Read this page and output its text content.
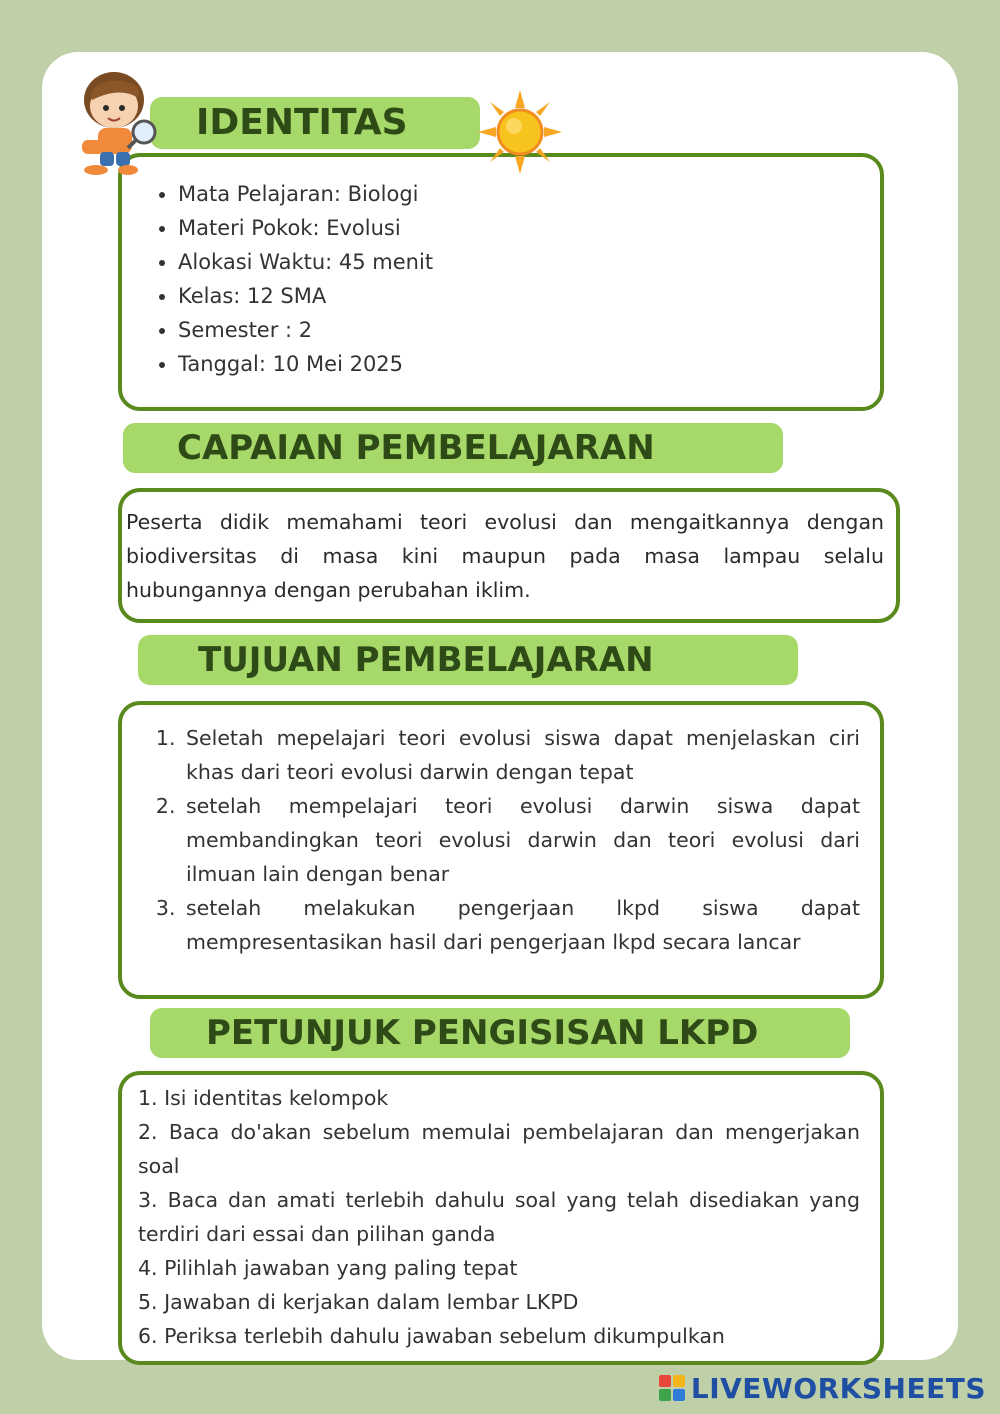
IDENTITAS
• Mata Pelajaran: Biologi
• Materi Pokok: Evolusi
• Alokasi Waktu: 45 menit
• Kelas: 12 SMA
• Semester : 2
• Tanggal: 10 Mei 2025
CAPAIAN PEMBELAJARAN

Peserta didik memahami teori evolusi dan mengaitkannya dengan biodiversitas di masa kini maupun pada masa lampau selalu hubungannya dengan perubahan iklim.

TUJUAN PEMBELAJARAN
1. Seletah mepelajari teori evolusi siswa dapat menjelaskan ciri khas dari teori evolusi darwin dengan tepat
2. setelah mempelajari teori evolusi darwin siswa dapat membandingkan teori evolusi darwin dan teori evolusi dari ilmuan lain dengan benar
3. setelah melakukan pengerjaan lkpd siswa dapat mempresentasikan hasil dari pengerjaan lkpd secara lancar
PETUNJUK PENGISISAN LKPD
1. Isi identitas kelompok
2. Baca do'akan sebelum memulai pembelajaran dan mengerjakan soal
3. Baca dan amati terlebih dahulu soal yang telah disediakan yang terdiri dari essai dan pilihan ganda
4. Pilihlah jawaban yang paling tepat
5. Jawaban di kerjakan dalam lembar LKPD
6. Periksa terlebih dahulu jawaban sebelum dikumpulkan
LIVEWORKSHEETS
